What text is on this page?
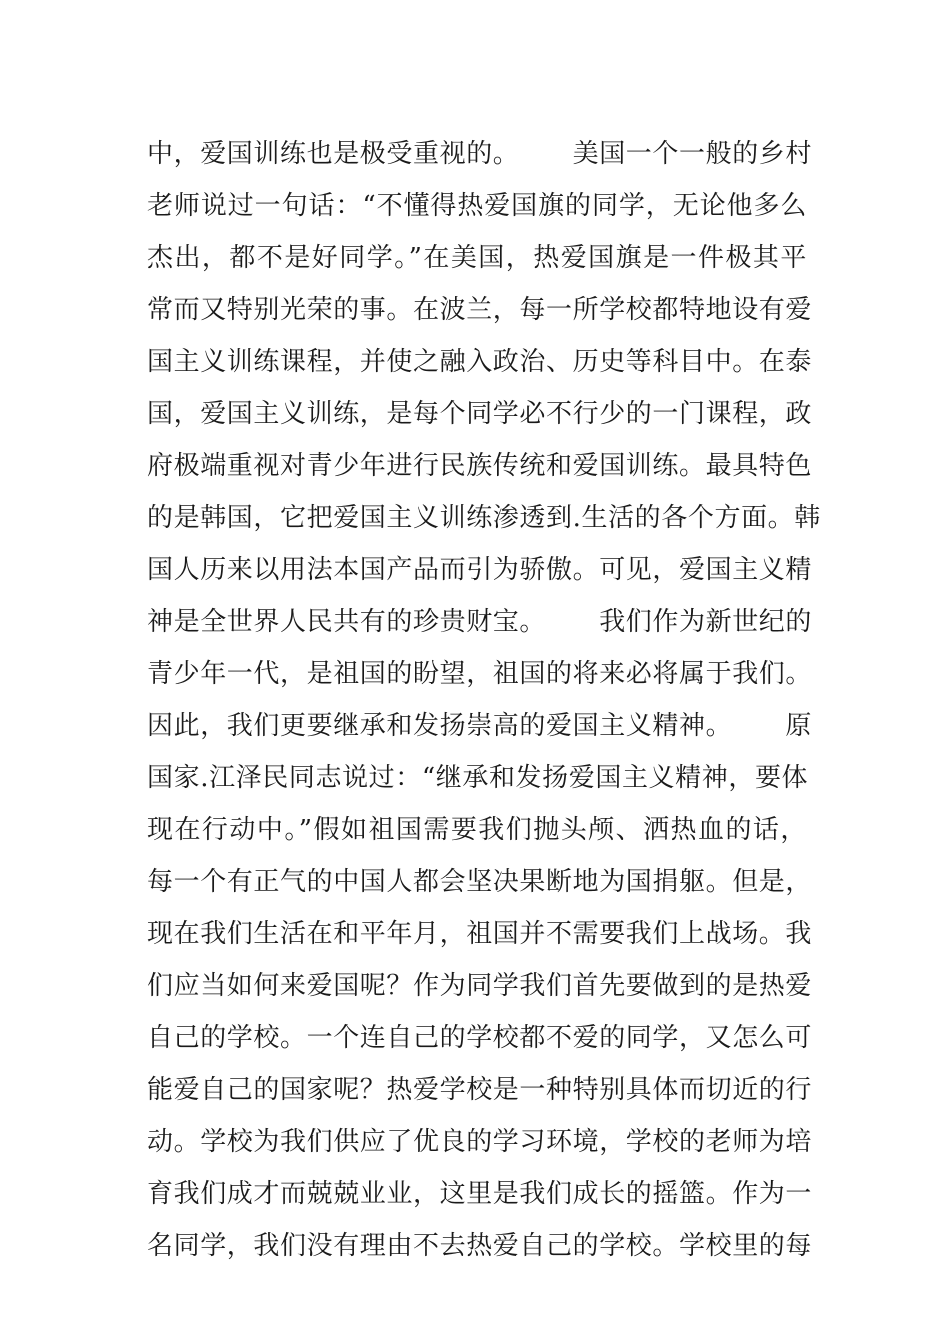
中，爱国训练也是极受重视的。      美国一个一般的乡村
老师说过一句话：“不懂得热爱国旗的同学，无论他多么
杰出，都不是好同学。”在美国，热爱国旗是一件极其平
常而又特别光荣的事。在波兰，每一所学校都特地设有爱
国主义训练课程，并使之融入政治、历史等科目中。在泰
国，爱国主义训练，是每个同学必不行少的一门课程，政
府极端重视对青少年进行民族传统和爱国训练。最具特色
的是韩国，它把爱国主义训练渗透到.生活的各个方面。韩
国人历来以用法本国产品而引为骄傲。可见，爱国主义精
神是全世界人民共有的珍贵财宝。      我们作为新世纪的
青少年一代，是祖国的盼望，祖国的将来必将属于我们。
因此，我们更要继承和发扬崇高的爱国主义精神。      原
国家.江泽民同志说过：“继承和发扬爱国主义精神，要体
现在行动中。”假如祖国需要我们抛头颅、洒热血的话，
每一个有正气的中国人都会坚决果断地为国捐躯。但是，
现在我们生活在和平年月，祖国并不需要我们上战场。我
们应当如何来爱国呢？作为同学我们首先要做到的是热爱
自己的学校。一个连自己的学校都不爱的同学，又怎么可
能爱自己的国家呢？热爱学校是一种特别具体而切近的行
动。学校为我们供应了优良的学习环境，学校的老师为培
育我们成才而兢兢业业，这里是我们成长的摇篮。作为一
名同学，我们没有理由不去热爱自己的学校。学校里的每
